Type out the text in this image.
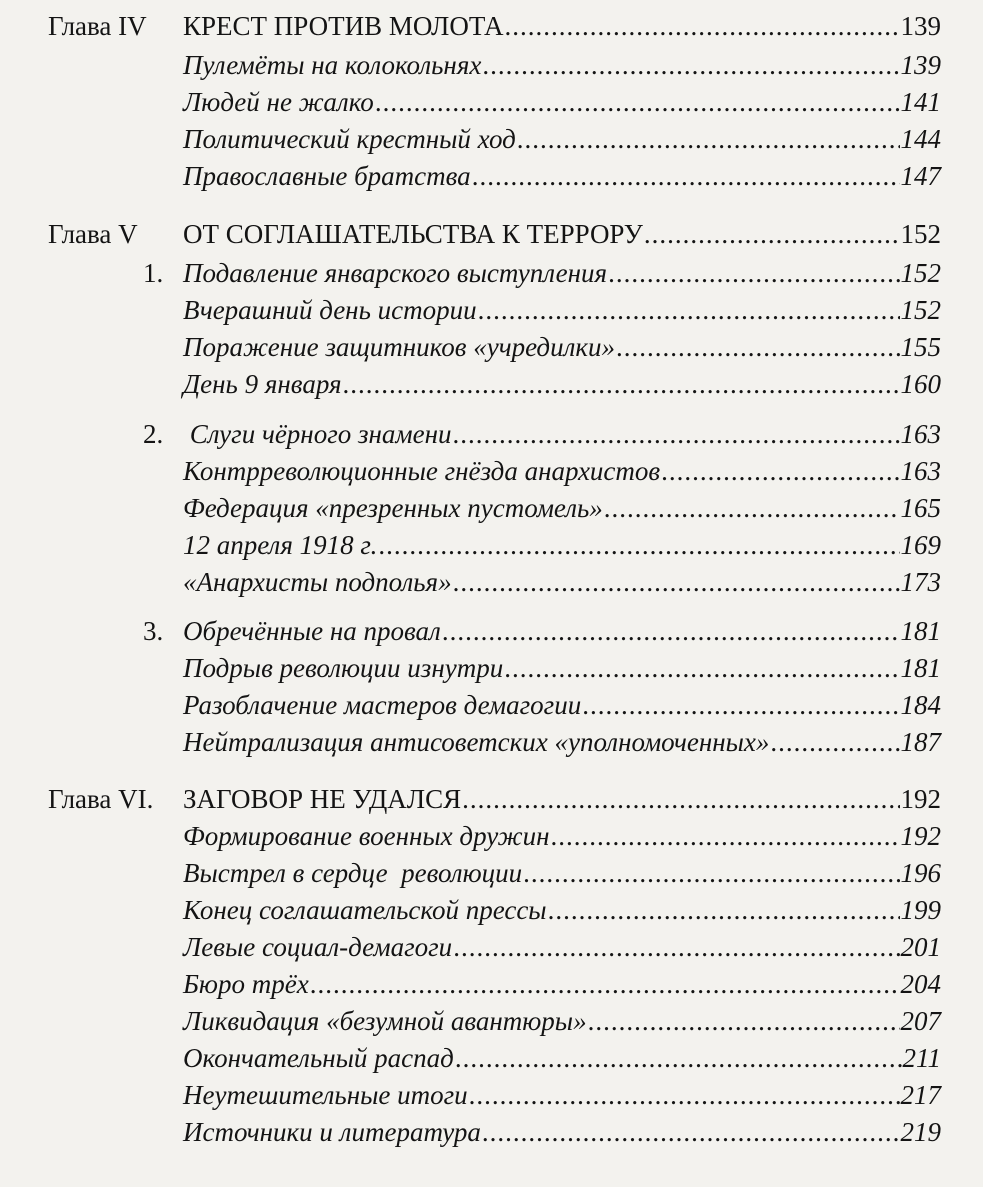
Глава IV КРЕСТ ПРОТИВ МОЛОТА .....	139
Пулемёты на колокольнях .....	139
Людей не жалко .....	141
Политический крестный ход .....	144
Православные братства .....	147
Глава V ОТ СОГЛАШАТЕЛЬСТВА К ТЕРРОРУ .....	152
1. Подавление январского выступления .....	152
Вчерашний день истории .....	152
Поражение защитников «учредилки» .....	155
День 9 января .....	160
2. Слуги чёрного знамени .....	163
Контрреволюционные гнёзда анархистов .....	163
Федерация «презренных пустомель» .....	165
12 апреля 1918 г. .....	169
«Анархисты подполья» .....	173
3. Обречённые на провал .....	181
Подрыв революции изнутри .....	181
Разоблачение мастеров демагогии .....	184
Нейтрализация антисоветских «уполномоченных» .....	187
Глава VI. ЗАГОВОР НЕ УДАЛСЯ .....	192
Формирование военных дружин .....	192
Выстрел в сердце  революции .....	196
Конец соглашательской прессы .....	199
Левые социал-демагоги .....	201
Бюро трёх .....	204
Ликвидация «безумной авантюры» .....	207
Окончательный распад .....	211
Неутешительные итоги .....	217
Источники и литература .....	219
